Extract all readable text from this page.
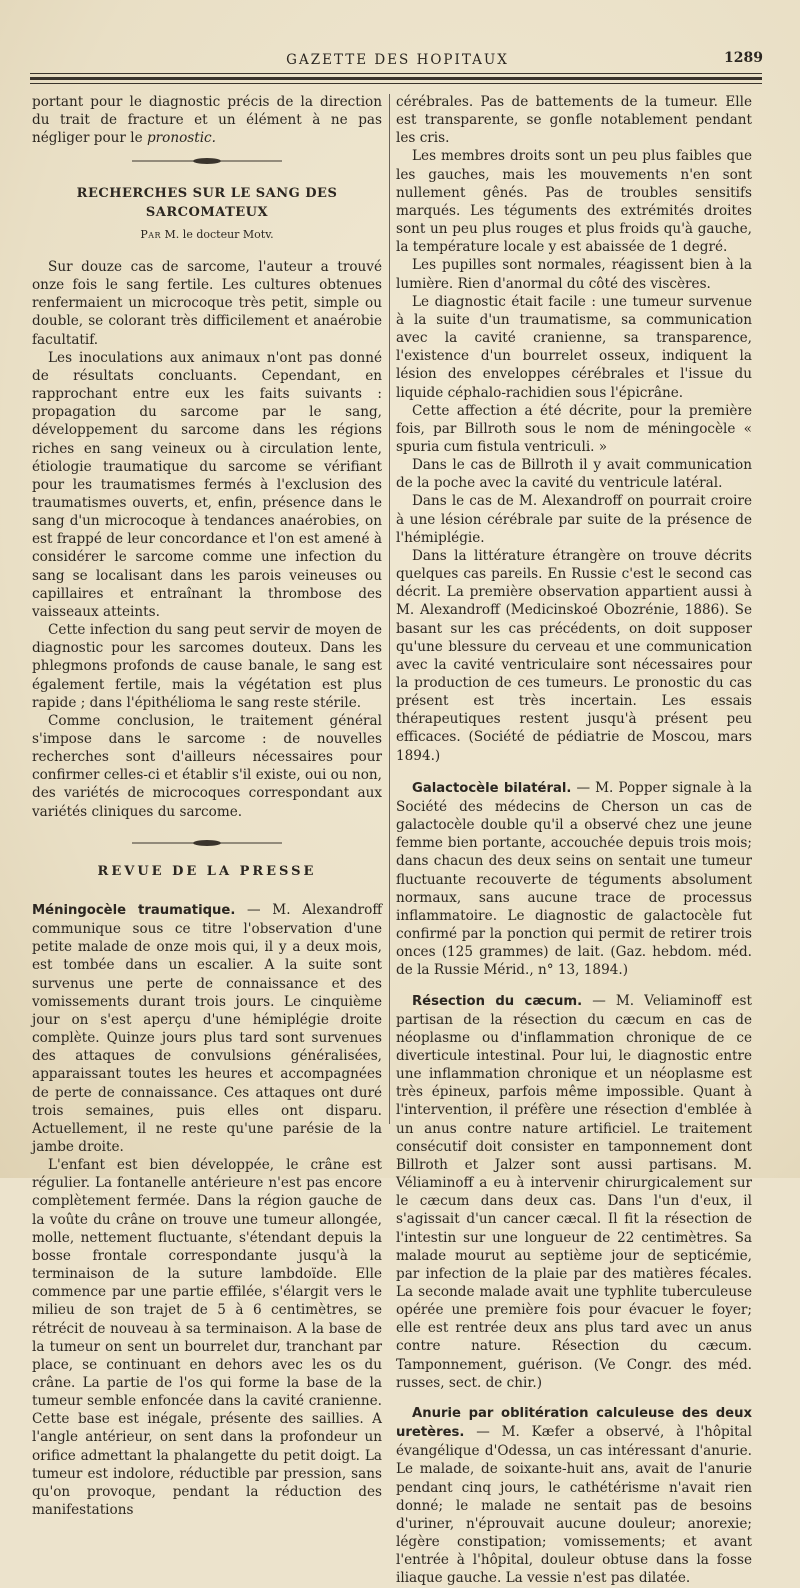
GAZETTE DES HOPITAUX	1289

portant pour le diagnostic précis de la direction du trait de fracture et un élément à ne pas négliger pour le pronostic.

RECHERCHES SUR LE SANG DES SARCOMATEUX
Par M. le docteur Motv.

Sur douze cas de sarcome, l'auteur a trouvé onze fois le sang fertile. Les cultures obtenues renfermaient un microcoque très petit, simple ou double, se colorant très difficilement et anaérobie facultatif.

Les inoculations aux animaux n'ont pas donné de résultats concluants. Cependant, en rapprochant entre eux les faits suivants : propagation du sarcome par le sang, développement du sarcome dans les régions riches en sang veineux ou à circulation lente, étiologie traumatique du sarcome se vérifiant pour les traumatismes fermés à l'exclusion des traumatismes ouverts, et, enfin, présence dans le sang d'un microcoque à tendances anaérobies, on est frappé de leur concordance et l'on est amené à considérer le sarcome comme une infection du sang se localisant dans les parois veineuses ou capillaires et entraînant la thrombose des vaisseaux atteints.

Cette infection du sang peut servir de moyen de diagnostic pour les sarcomes douteux. Dans les phlegmons profonds de cause banale, le sang est également fertile, mais la végétation est plus rapide ; dans l'épithélioma le sang reste stérile.

Comme conclusion, le traitement général s'impose dans le sarcome : de nouvelles recherches sont d'ailleurs nécessaires pour confirmer celles-ci et établir s'il existe, oui ou non, des variétés de microcoques correspondant aux variétés cliniques du sarcome.

REVUE DE LA PRESSE

Méningocèle traumatique. — M. Alexandroff communique sous ce titre l'observation d'une petite malade de onze mois qui, il y a deux mois, est tombée dans un escalier. A la suite sont survenus une perte de connaissance et des vomissements durant trois jours. Le cinquième jour on s'est aperçu d'une hémiplégie droite complète. Quinze jours plus tard sont survenues des attaques de convulsions généralisées, apparaissant toutes les heures et accompagnées de perte de connaissance. Ces attaques ont duré trois semaines, puis elles ont disparu. Actuellement, il ne reste qu'une parésie de la jambe droite.

L'enfant est bien développée, le crâne est régulier. La fontanelle antérieure n'est pas encore complètement fermée. Dans la région gauche de la voûte du crâne on trouve une tumeur allongée, molle, nettement fluctuante, s'étendant depuis la bosse frontale correspondante jusqu'à la terminaison de la suture lambdoïde. Elle commence par une partie effilée, s'élargit vers le milieu de son trajet de 5 à 6 centimètres, se rétrécit de nouveau à sa terminaison. A la base de la tumeur on sent un bourrelet dur, tranchant par place, se continuant en dehors avec les os du crâne. La partie de l'os qui forme la base de la tumeur semble enfoncée dans la cavité cranienne. Cette base est inégale, présente des saillies. A l'angle antérieur, on sent dans la profondeur un orifice admettant la phalangette du petit doigt. La tumeur est indolore, réductible par pression, sans qu'on provoque, pendant la réduction des manifestations

cérébrales. Pas de battements de la tumeur. Elle est transparente, se gonfle notablement pendant les cris.

Les membres droits sont un peu plus faibles que les gauches, mais les mouvements n'en sont nullement gênés. Pas de troubles sensitifs marqués. Les téguments des extrémités droites sont un peu plus rouges et plus froids qu'à gauche, la température locale y est abaissée de 1 degré.

Les pupilles sont normales, réagissent bien à la lumière. Rien d'anormal du côté des viscères.

Le diagnostic était facile : une tumeur survenue à la suite d'un traumatisme, sa communication avec la cavité cranienne, sa transparence, l'existence d'un bourrelet osseux, indiquent la lésion des enveloppes cérébrales et l'issue du liquide céphalo-rachidien sous l'épicrâne.

Cette affection a été décrite, pour la première fois, par Billroth sous le nom de méningocèle « spuria cum fistula ventriculi. »

Dans le cas de Billroth il y avait communication de la poche avec la cavité du ventricule latéral.

Dans le cas de M. Alexandroff on pourrait croire à une lésion cérébrale par suite de la présence de l'hémiplégie.

Dans la littérature étrangère on trouve décrits quelques cas pareils. En Russie c'est le second cas décrit. La première observation appartient aussi à M. Alexandroff (Medicinskoé Obozrénie, 1886). Se basant sur les cas précédents, on doit supposer qu'une blessure du cerveau et une communication avec la cavité ventriculaire sont nécessaires pour la production de ces tumeurs. Le pronostic du cas présent est très incertain. Les essais thérapeutiques restent jusqu'à présent peu efficaces. (Société de pédiatrie de Moscou, mars 1894.)

Galactocèle bilatéral. — M. Popper signale à la Société des médecins de Cherson un cas de galactocèle double qu'il a observé chez une jeune femme bien portante, accouchée depuis trois mois; dans chacun des deux seins on sentait une tumeur fluctuante recouverte de téguments absolument normaux, sans aucune trace de processus inflammatoire. Le diagnostic de galactocèle fut confirmé par la ponction qui permit de retirer trois onces (125 grammes) de lait. (Gaz. hebdom. méd. de la Russie Mérid., n° 13, 1894.)

Résection du cæcum. — M. Veliaminoff est partisan de la résection du cæcum en cas de néoplasme ou d'inflammation chronique de ce diverticule intestinal. Pour lui, le diagnostic entre une inflammation chronique et un néoplasme est très épineux, parfois même impossible. Quant à l'intervention, il préfère une résection d'emblée à un anus contre nature artificiel. Le traitement consécutif doit consister en tamponnement dont Billroth et Jalzer sont aussi partisans. M. Véliaminoff a eu à intervenir chirurgicalement sur le cæcum dans deux cas. Dans l'un d'eux, il s'agissait d'un cancer cæcal. Il fit la résection de l'intestin sur une longueur de 22 centimètres. Sa malade mourut au septième jour de septicémie, par infection de la plaie par des matières fécales. La seconde malade avait une typhlite tuberculeuse opérée une première fois pour évacuer le foyer; elle est rentrée deux ans plus tard avec un anus contre nature. Résection du cæcum. Tamponnement, guérison. (Ve Congr. des méd. russes, sect. de chir.)

Anurie par oblitération calculeuse des deux uretères. — M. Kæfer a observé, à l'hôpital évangélique d'Odessa, un cas intéressant d'anurie. Le malade, de soixante-huit ans, avait de l'anurie pendant cinq jours, le cathétérisme n'avait rien donné; le malade ne sentait pas de besoins d'uriner, n'éprouvait aucune douleur; anorexie; légère constipation; vomissements; et avant l'entrée à l'hôpital, douleur obtuse dans la fosse iliaque gauche. La vessie n'est pas dilatée.
